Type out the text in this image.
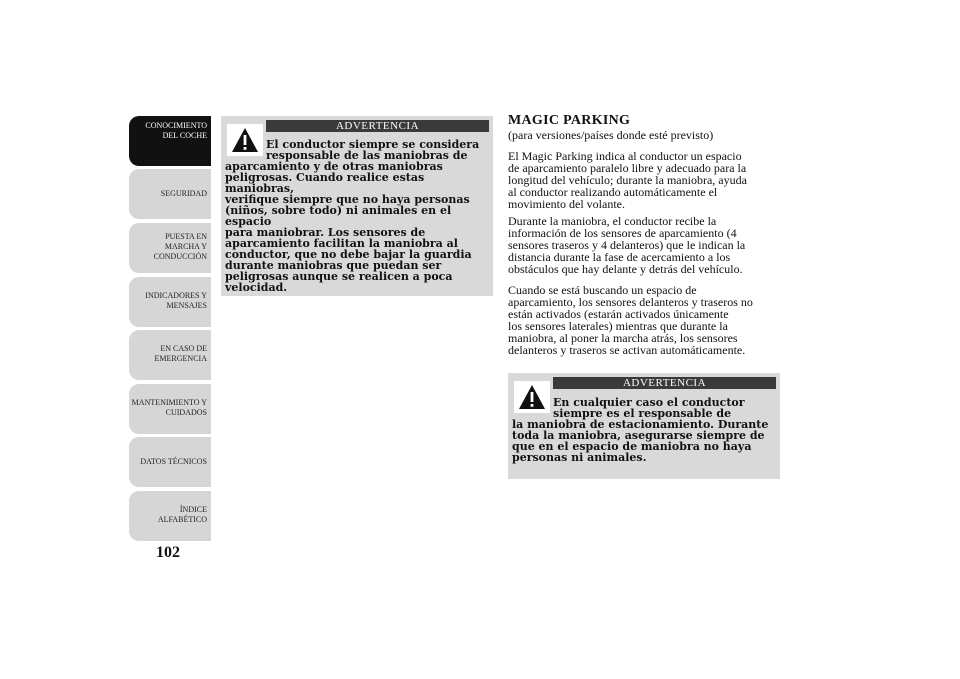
CONOCIMIENTO
DEL COCHE
SEGURIDAD
PUESTA EN
MARCHA Y
CONDUCCIÓN
INDICADORES Y
MENSAJES
EN CASO DE
EMERGENCIA
MANTENIMIENTO Y
CUIDADOS
DATOS TÉCNICOS
ÍNDICE
ALFABÉTICO
102
ADVERTENCIA

El conductor siempre se considera
responsable de las maniobras de
aparcamiento y de otras maniobras
peligrosas. Cuando realice estas maniobras,
verifique siempre que no haya personas
(niños, sobre todo) ni animales en el espacio
para maniobrar. Los sensores de
aparcamiento facilitan la maniobra al
conductor, que no debe bajar la guardia
durante maniobras que puedan ser
peligrosas aunque se realicen a poca
velocidad.

MAGIC PARKING

(para versiones/países donde esté previsto)

El Magic Parking indica al conductor un espacio
de aparcamiento paralelo libre y adecuado para la
longitud del vehículo; durante la maniobra, ayuda
al conductor realizando automáticamente el
movimiento del volante.

Durante la maniobra, el conductor recibe la
información de los sensores de aparcamiento (4
sensores traseros y 4 delanteros) que le indican la
distancia durante la fase de acercamiento a los
obstáculos que hay delante y detrás del vehículo.

Cuando se está buscando un espacio de
aparcamiento, los sensores delanteros y traseros no
están activados (estarán activados únicamente
los sensores laterales) mientras que durante la
maniobra, al poner la marcha atrás, los sensores
delanteros y traseros se activan automáticamente.

ADVERTENCIA

En cualquier caso el conductor
siempre es el responsable de
la maniobra de estacionamiento. Durante
toda la maniobra, asegurarse siempre de
que en el espacio de maniobra no haya
personas ni animales.
